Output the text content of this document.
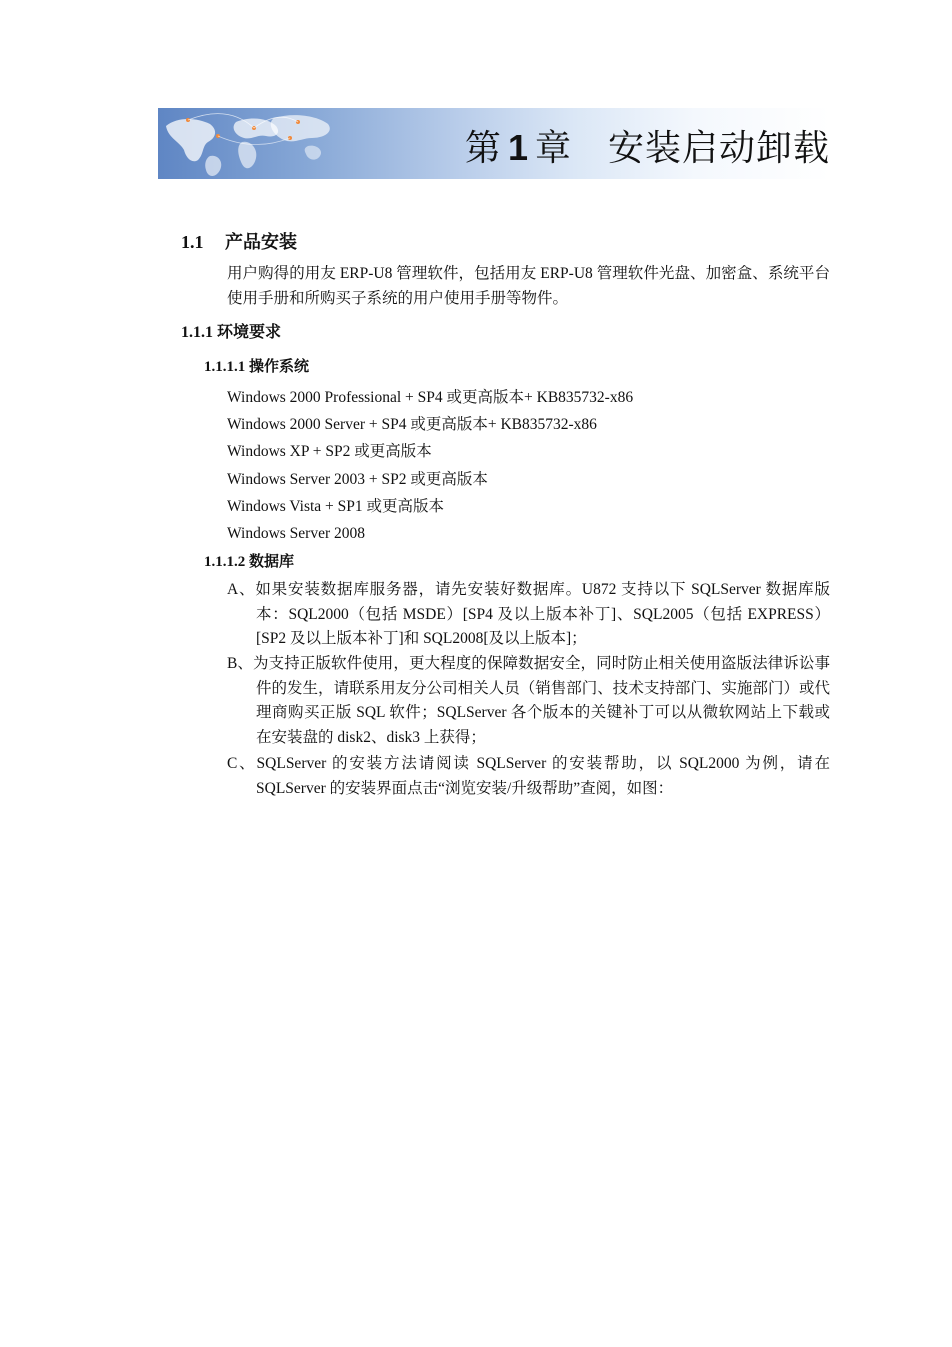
第 1 章 安装启动卸载
1.1 产品安装
用户购得的用友 ERP-U8 管理软件，包括用友 ERP-U8 管理软件光盘、加密盒、系统平台使用手册和所购买子系统的用户使用手册等物件。
1.1.1 环境要求
1.1.1.1 操作系统
Windows 2000 Professional + SP4 或更高版本+ KB835732-x86
Windows 2000 Server + SP4 或更高版本+ KB835732-x86
Windows XP + SP2 或更高版本
Windows Server 2003 + SP2 或更高版本
Windows Vista + SP1 或更高版本
Windows Server 2008
1.1.1.2 数据库
A、如果安装数据库服务器，请先安装好数据库。U872 支持以下 SQLServer 数据库版本：SQL2000（包括 MSDE）[SP4 及以上版本补丁]、SQL2005（包括 EXPRESS）[SP2 及以上版本补丁]和 SQL2008[及以上版本]；
B、为支持正版软件使用，更大程度的保障数据安全，同时防止相关使用盗版法律诉讼事件的发生，请联系用友分公司相关人员（销售部门、技术支持部门、实施部门）或代理商购买正版 SQL 软件；SQLServer 各个版本的关键补丁可以从微软网站上下载或在安装盘的 disk2、disk3 上获得；
C、SQLServer 的安装方法请阅读 SQLServer 的安装帮助，以 SQL2000 为例，请在 SQLServer 的安装界面点击“浏览安装/升级帮助”查阅，如图：
